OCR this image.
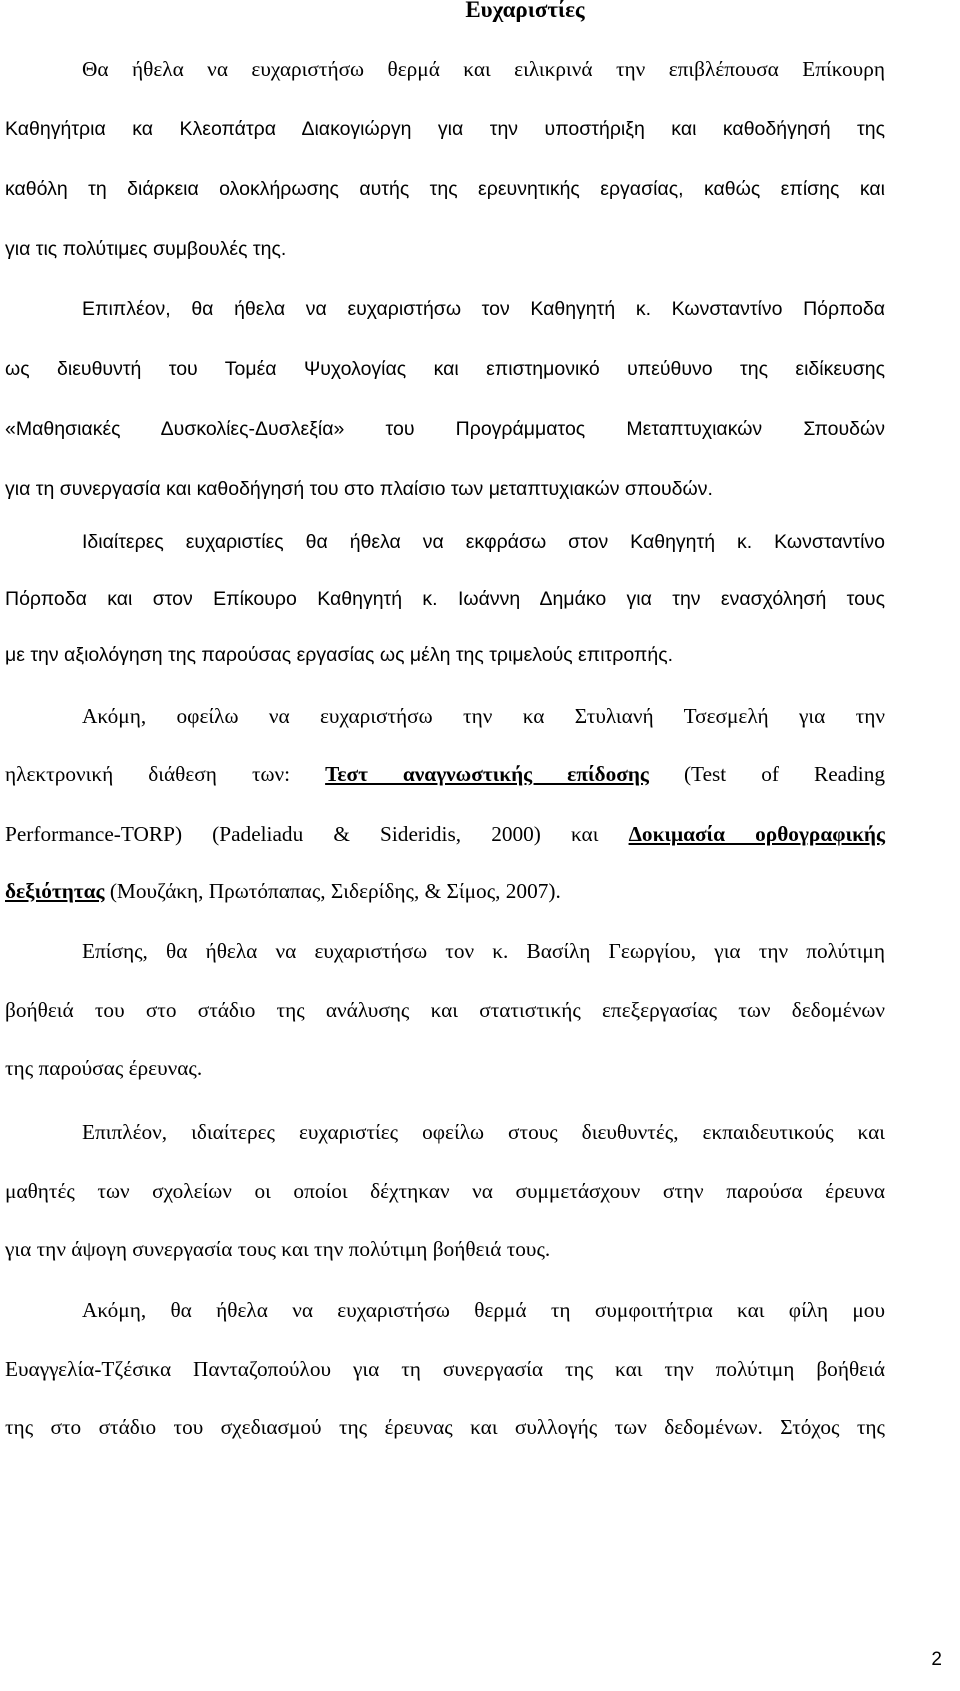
Ευχαριστίες
Θα ήθελα να ευχαριστήσω θερμά και ειλικρινά την επιβλέπουσα Επίκουρη
Καθηγήτρια κα Κλεοπάτρα Διακογιώργη για την υποστήριξη και καθοδήγησή της
καθόλη τη διάρκεια ολοκλήρωσης αυτής της ερευνητικής εργασίας, καθώς επίσης και
για τις πολύτιμες συμβουλές της.
Επιπλέον, θα ήθελα να ευχαριστήσω τον Καθηγητή κ. Κωνσταντίνο Πόρποδα
ως διευθυντή του Τομέα Ψυχολογίας και επιστημονικό υπεύθυνο της ειδίκευσης
«Μαθησιακές Δυσκολίες-Δυσλεξία» του Προγράμματος Μεταπτυχιακών Σπουδών
για τη συνεργασία και καθοδήγησή του στο πλαίσιο των μεταπτυχιακών σπουδών.
Ιδιαίτερες ευχαριστίες θα ήθελα να εκφράσω στον Καθηγητή κ. Κωνσταντίνο
Πόρποδα και στον Επίκουρο Καθηγητή κ. Ιωάννη Δημάκο για την ενασχόλησή τους
με την αξιολόγηση της παρούσας εργασίας ως μέλη της τριμελούς επιτροπής.
Ακόμη, οφείλω να ευχαριστήσω την κα Στυλιανή Τσεσμελή για την
ηλεκτρονική διάθεση των: Τεστ αναγνωστικής επίδοσης (Test of Reading
Performance-TORP) (Padeliadu & Sideridis, 2000) και Δοκιμασία ορθογραφικής
δεξιότητας (Μουζάκη, Πρωτόπαπας, Σιδερίδης, & Σίμος, 2007).
Επίσης, θα ήθελα να ευχαριστήσω τον κ. Βασίλη Γεωργίου, για την πολύτιμη
βοήθειά του στο στάδιο της ανάλυσης και στατιστικής επεξεργασίας των δεδομένων
της παρούσας έρευνας.
Επιπλέον, ιδιαίτερες ευχαριστίες οφείλω στους διευθυντές, εκπαιδευτικούς και
μαθητές των σχολείων οι οποίοι δέχτηκαν να συμμετάσχουν στην παρούσα έρευνα
για την άψογη συνεργασία τους και την πολύτιμη βοήθειά τους.
Ακόμη, θα ήθελα να ευχαριστήσω θερμά τη συμφοιτήτρια και φίλη μου
Ευαγγελία-Τζέσικα Πανταζοπούλου για τη συνεργασία της και την πολύτιμη βοήθειά
της στο στάδιο του σχεδιασμού της έρευνας και συλλογής των δεδομένων. Στόχος της
2
